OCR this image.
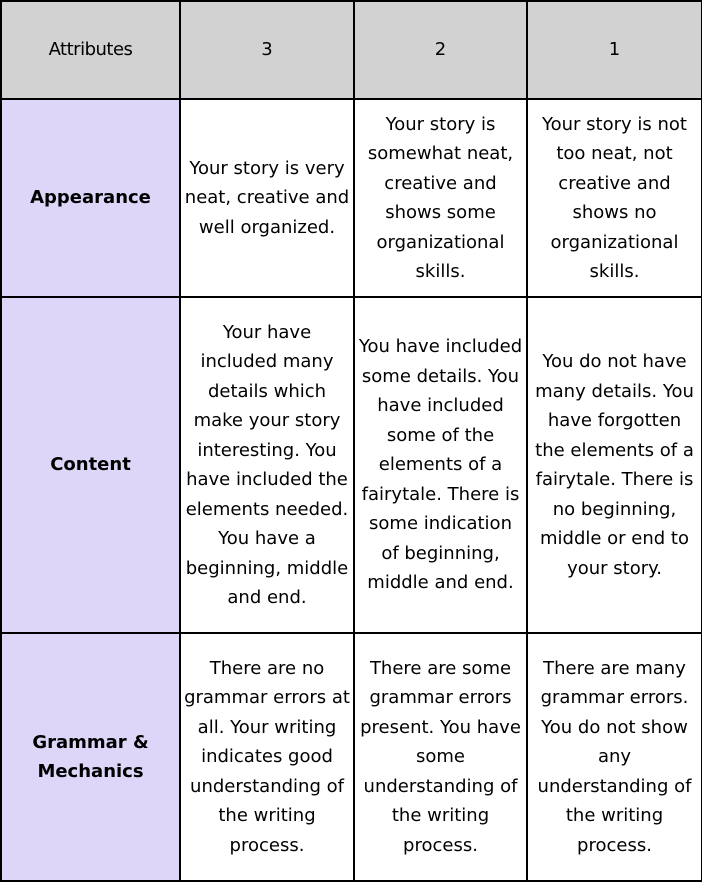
Attributes	3	2	1
Appearance	Your story is very neat, creative and well organized.	Your story is somewhat neat, creative and shows some organizational skills.	Your story is not too neat, not creative and shows no organizational skills.
Content	Your have included many details which make your story interesting. You have included the elements needed. You have a beginning, middle and end.	You have included some details. You have included some of the elements of a fairytale. There is some indication of beginning, middle and end.	You do not have many details. You have forgotten the elements of a fairytale. There is no beginning, middle or end to your story.
Grammar & Mechanics	There are no grammar errors at all. Your writing indicates good understanding of the writing process.	There are some grammar errors present. You have some understanding of the writing process.	There are many grammar errors. You do not show any understanding of the writing process.
